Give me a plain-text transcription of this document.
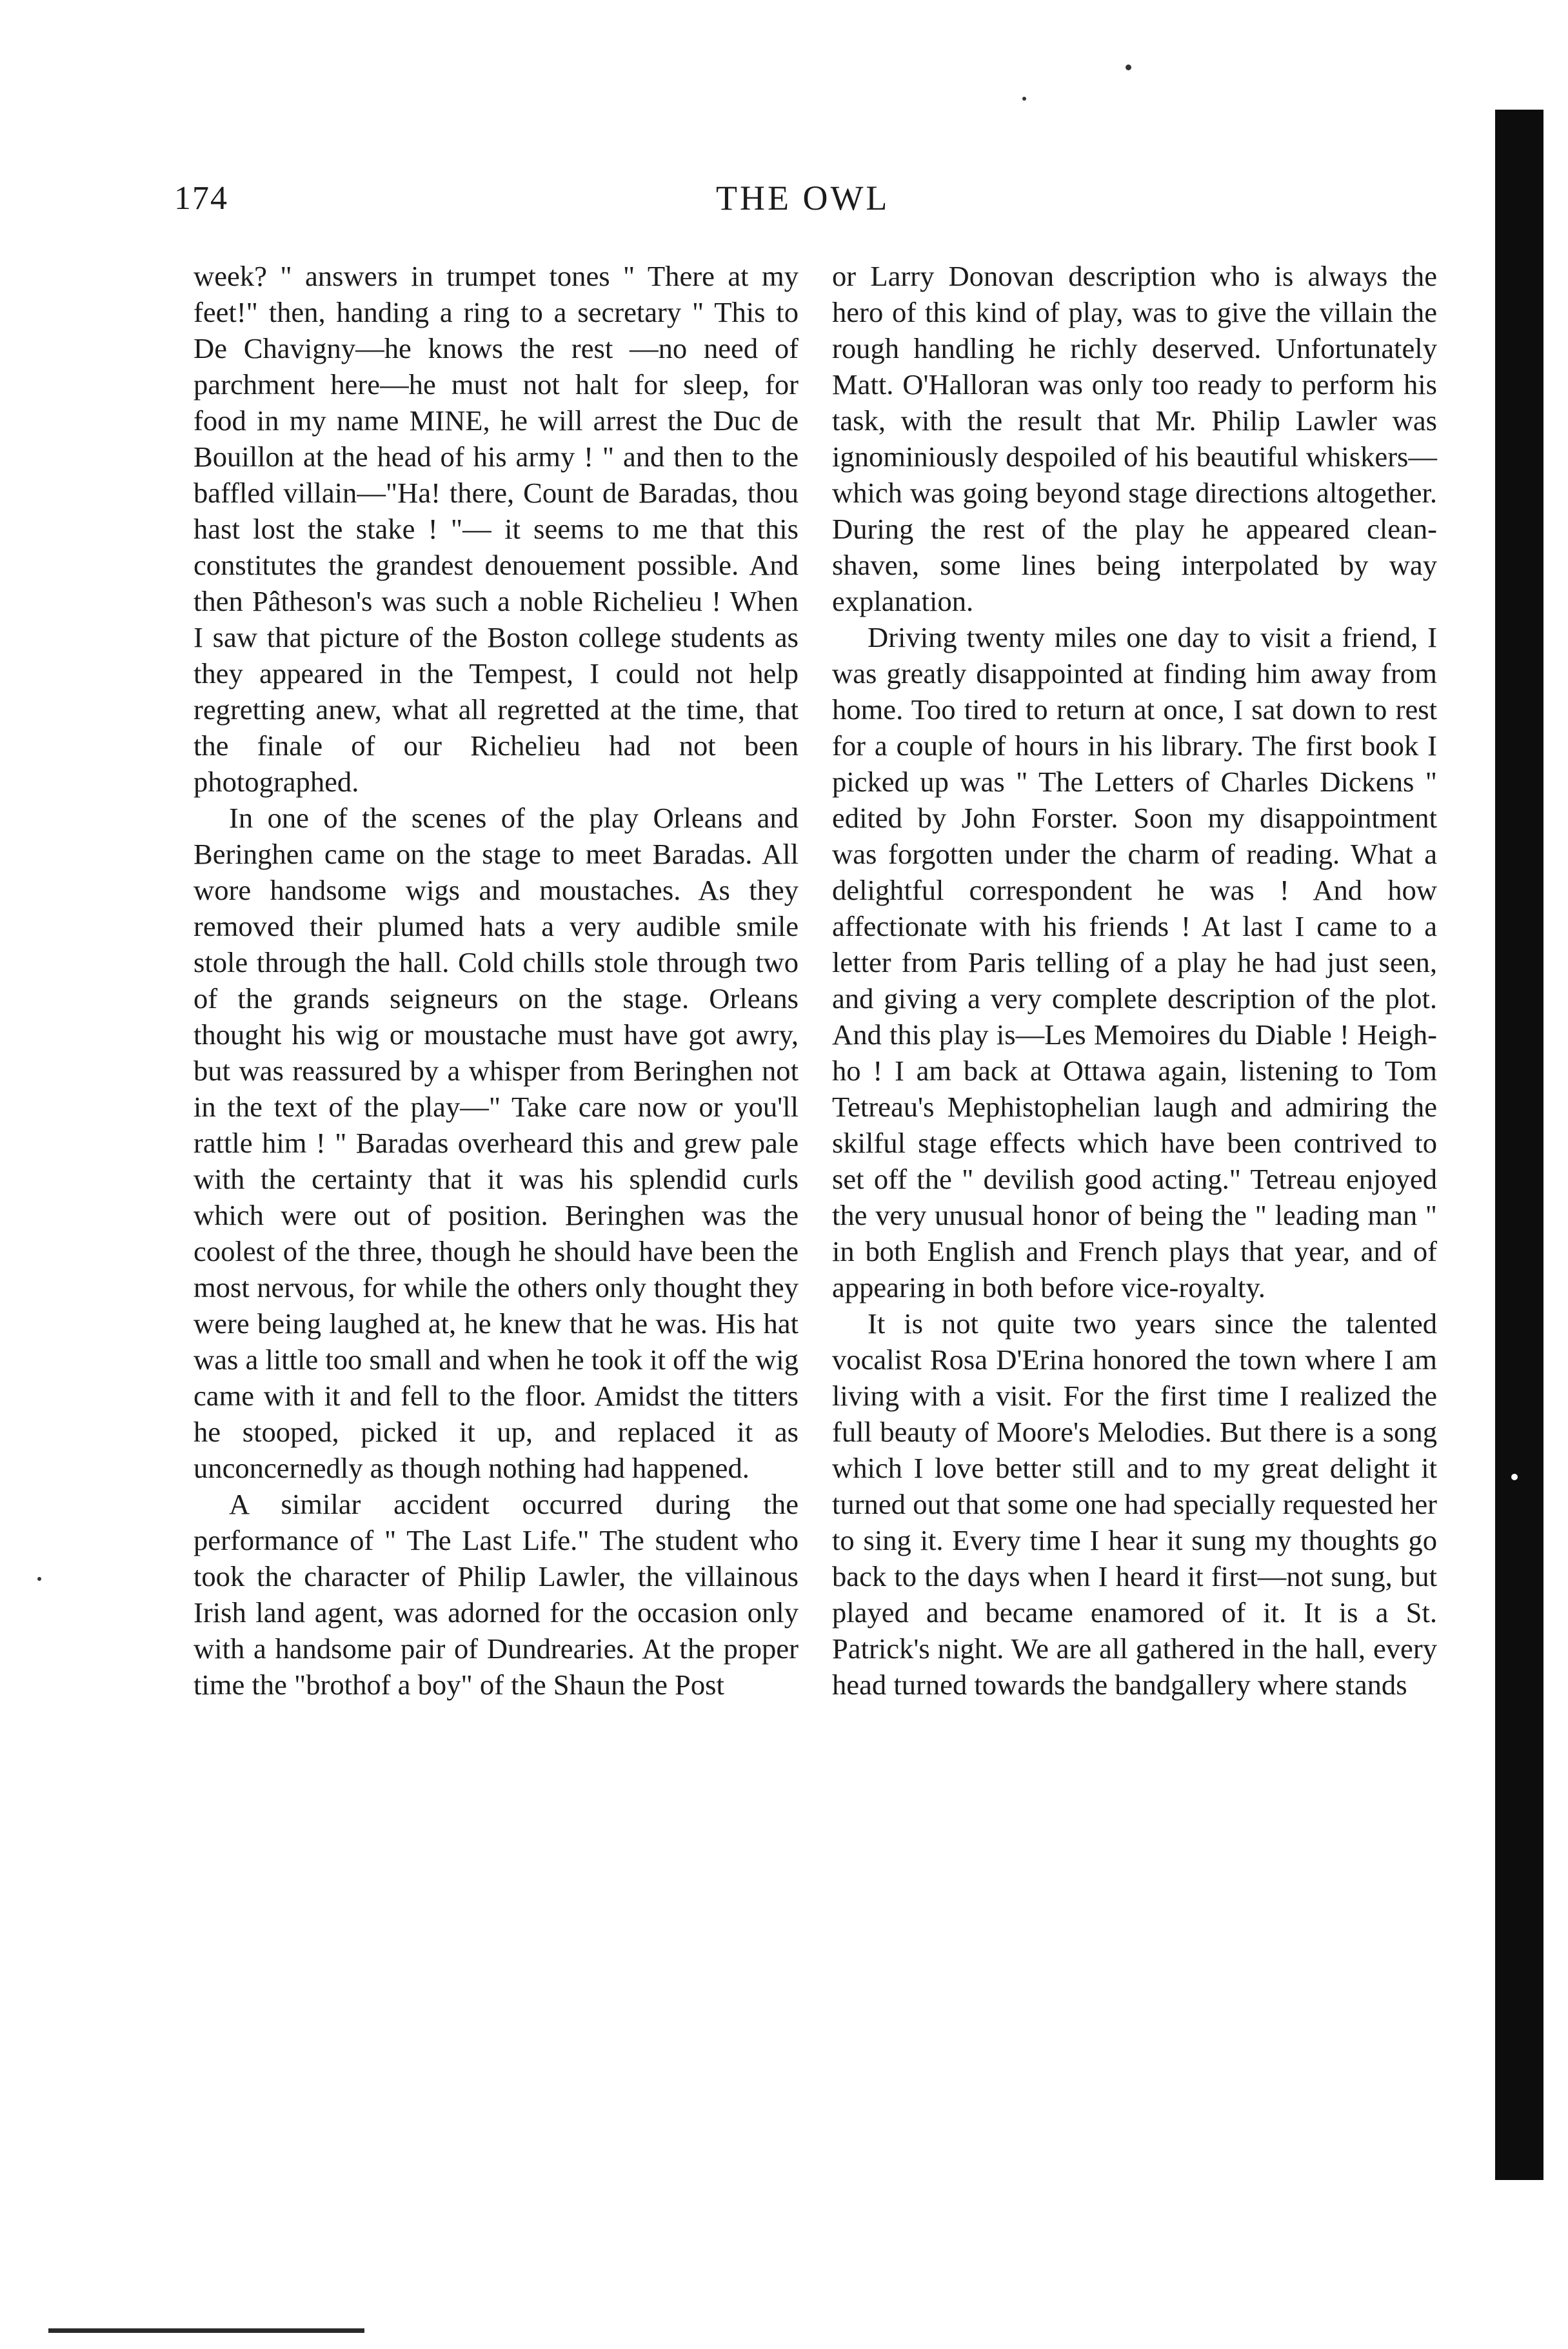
174	THE OWL

week? " answers in trumpet tones " There at my feet!" then, handing a ring to a secretary " This to De Chavigny—he knows the rest —no need of parchment here—he must not halt for sleep, for food in my name MINE, he will arrest the Duc de Bouillon at the head of his army ! " and then to the baffled villain—"Ha! there, Count de Baradas, thou hast lost the stake ! "— it seems to me that this constitutes the grandest denouement possible. And then Pâtheson's was such a noble Richelieu ! When I saw that picture of the Boston college students as they appeared in the Tempest, I could not help regretting anew, what all regretted at the time, that the finale of our Richelieu had not been photographed.

In one of the scenes of the play Orleans and Beringhen came on the stage to meet Baradas. All wore handsome wigs and moustaches. As they removed their plumed hats a very audible smile stole through the hall. Cold chills stole through two of the grands seigneurs on the stage. Orleans thought his wig or moustache must have got awry, but was reassured by a whisper from Beringhen not in the text of the play—" Take care now or you'll rattle him ! " Baradas overheard this and grew pale with the certainty that it was his splendid curls which were out of position. Beringhen was the coolest of the three, though he should have been the most nervous, for while the others only thought they were being laughed at, he knew that he was. His hat was a little too small and when he took it off the wig came with it and fell to the floor. Amidst the titters he stooped, picked it up, and replaced it as unconcernedly as though nothing had happened.

A similar accident occurred during the performance of " The Last Life." The student who took the character of Philip Lawler, the villainous Irish land agent, was adorned for the occasion only with a handsome pair of Dundrearies. At the proper time the "brothof a boy" of the Shaun the Post

or Larry Donovan description who is always the hero of this kind of play, was to give the villain the rough handling he richly deserved. Unfortunately Matt. O'Halloran was only too ready to perform his task, with the result that Mr. Philip Lawler was ignominiously despoiled of his beautiful whiskers—which was going beyond stage directions altogether. During the rest of the play he appeared clean-shaven, some lines being interpolated by way explanation.

Driving twenty miles one day to visit a friend, I was greatly disappointed at finding him away from home. Too tired to return at once, I sat down to rest for a couple of hours in his library. The first book I picked up was " The Letters of Charles Dickens " edited by John Forster. Soon my disappointment was forgotten under the charm of reading. What a delightful correspondent he was ! And how affectionate with his friends ! At last I came to a letter from Paris telling of a play he had just seen, and giving a very complete description of the plot. And this play is—Les Memoires du Diable ! Heigh-ho ! I am back at Ottawa again, listening to Tom Tetreau's Mephistophelian laugh and admiring the skilful stage effects which have been contrived to set off the " devilish good acting." Tetreau enjoyed the very unusual honor of being the " leading man " in both English and French plays that year, and of appearing in both before vice-royalty.

It is not quite two years since the talented vocalist Rosa D'Erina honored the town where I am living with a visit. For the first time I realized the full beauty of Moore's Melodies. But there is a song which I love better still and to my great delight it turned out that some one had specially requested her to sing it. Every time I hear it sung my thoughts go back to the days when I heard it first—not sung, but played and became enamored of it. It is a St. Patrick's night. We are all gathered in the hall, every head turned towards the bandgallery where stands
